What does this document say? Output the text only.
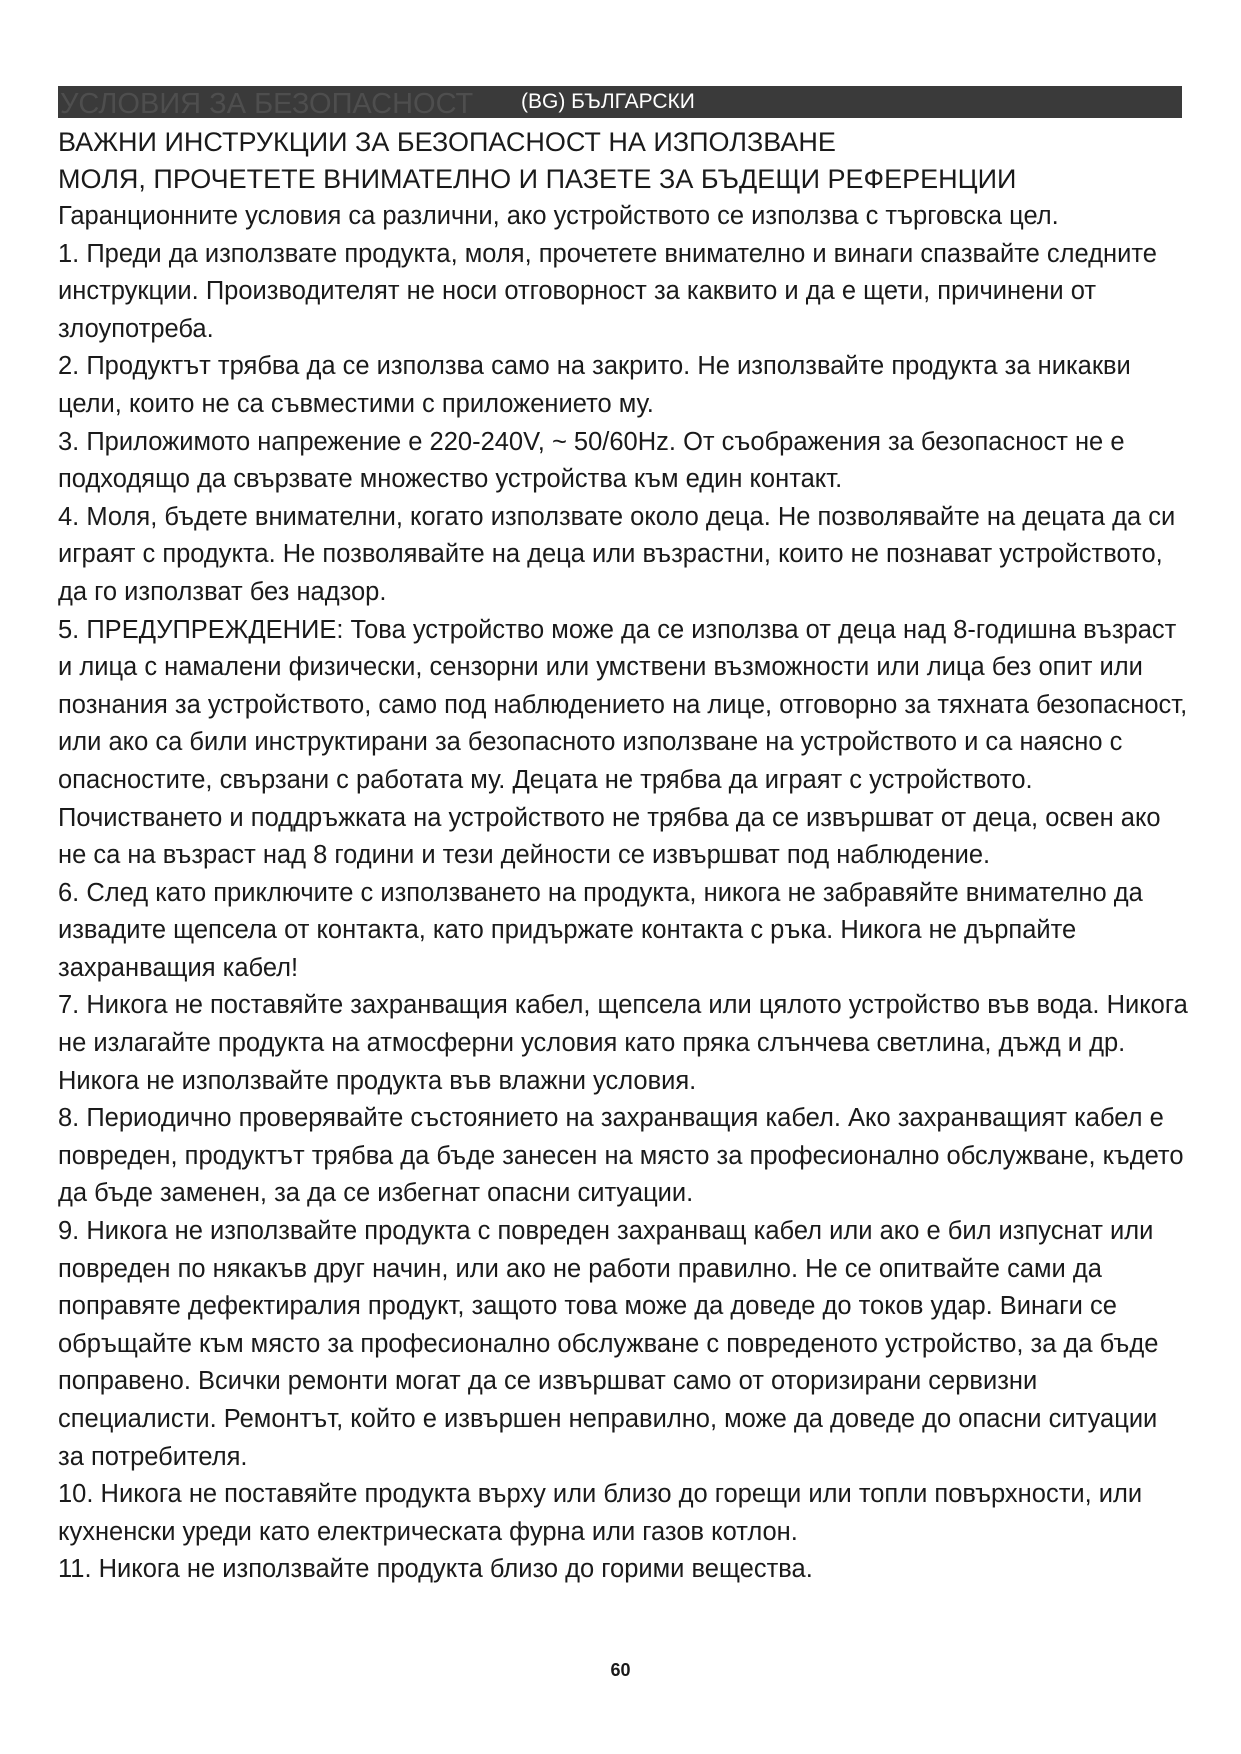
УСЛОВИЯ ЗА БЕЗОПАСНОСТ (BG) БЪЛГАРСКИ

ВАЖНИ ИНСТРУКЦИИ ЗА БЕЗОПАСНОСТ НА ИЗПОЛЗВАНЕ

МОЛЯ, ПРОЧЕТЕТЕ ВНИМАТЕЛНО И ПАЗЕТЕ ЗА БЪДЕЩИ РЕФЕРЕНЦИИ

Гаранционните условия са различни, ако устройството се използва с търговска цел.

1. Преди да използвате продукта, моля, прочетете внимателно и винаги спазвайте следните инструкции. Производителят не носи отговорност за каквито и да е щети, причинени от злоупотреба.

2. Продуктът трябва да се използва само на закрито. Не използвайте продукта за никакви цели, които не са съвместими с приложението му.

3. Приложимото напрежение е 220-240V, ~ 50/60Hz. От съображения за безопасност не е подходящо да свързвате множество устройства към един контакт.

4. Моля, бъдете внимателни, когато използвате около деца. Не позволявайте на децата да си играят с продукта. Не позволявайте на деца или възрастни, които не познават устройството, да го използват без надзор.

5. ПРЕДУПРЕЖДЕНИЕ: Това устройство може да се използва от деца над 8-годишна възраст и лица с намалени физически, сензорни или умствени възможности или лица без опит или познания за устройството, само под наблюдението на лице, отговорно за тяхната безопасност, или ако са били инструктирани за безопасното използване на устройството и са наясно с опасностите, свързани с работата му. Децата не трябва да играят с устройството. Почистването и поддръжката на устройството не трябва да се извършват от деца, освен ако не са на възраст над 8 години и тези дейности се извършват под наблюдение.

6. След като приключите с използването на продукта, никога не забравяйте внимателно да извадите щепсела от контакта, като придържате контакта с ръка. Никога не дърпайте захранващия кабел!

7. Никога не поставяйте захранващия кабел, щепсела или цялото устройство във вода. Никога не излагайте продукта на атмосферни условия като пряка слънчева светлина, дъжд и др. Никога не използвайте продукта във влажни условия.

8. Периодично проверявайте състоянието на захранващия кабел. Ако захранващият кабел е повреден, продуктът трябва да бъде занесен на място за професионално обслужване, където да бъде заменен, за да се избегнат опасни ситуации.

9. Никога не използвайте продукта с повреден захранващ кабел или ако е бил изпуснат или повреден по някакъв друг начин, или ако не работи правилно. Не се опитвайте сами да поправяте дефектиралия продукт, защото това може да доведе до токов удар. Винаги се обръщайте към място за професионално обслужване с повреденото устройство, за да бъде поправено. Всички ремонти могат да се извършват само от оторизирани сервизни специалисти. Ремонтът, който е извършен неправилно, може да доведе до опасни ситуации за потребителя.

10. Никога не поставяйте продукта върху или близо до горещи или топли повърхности, или кухненски уреди като електрическата фурна или газов котлон.

11. Никога не използвайте продукта близо до горими вещества.

60
